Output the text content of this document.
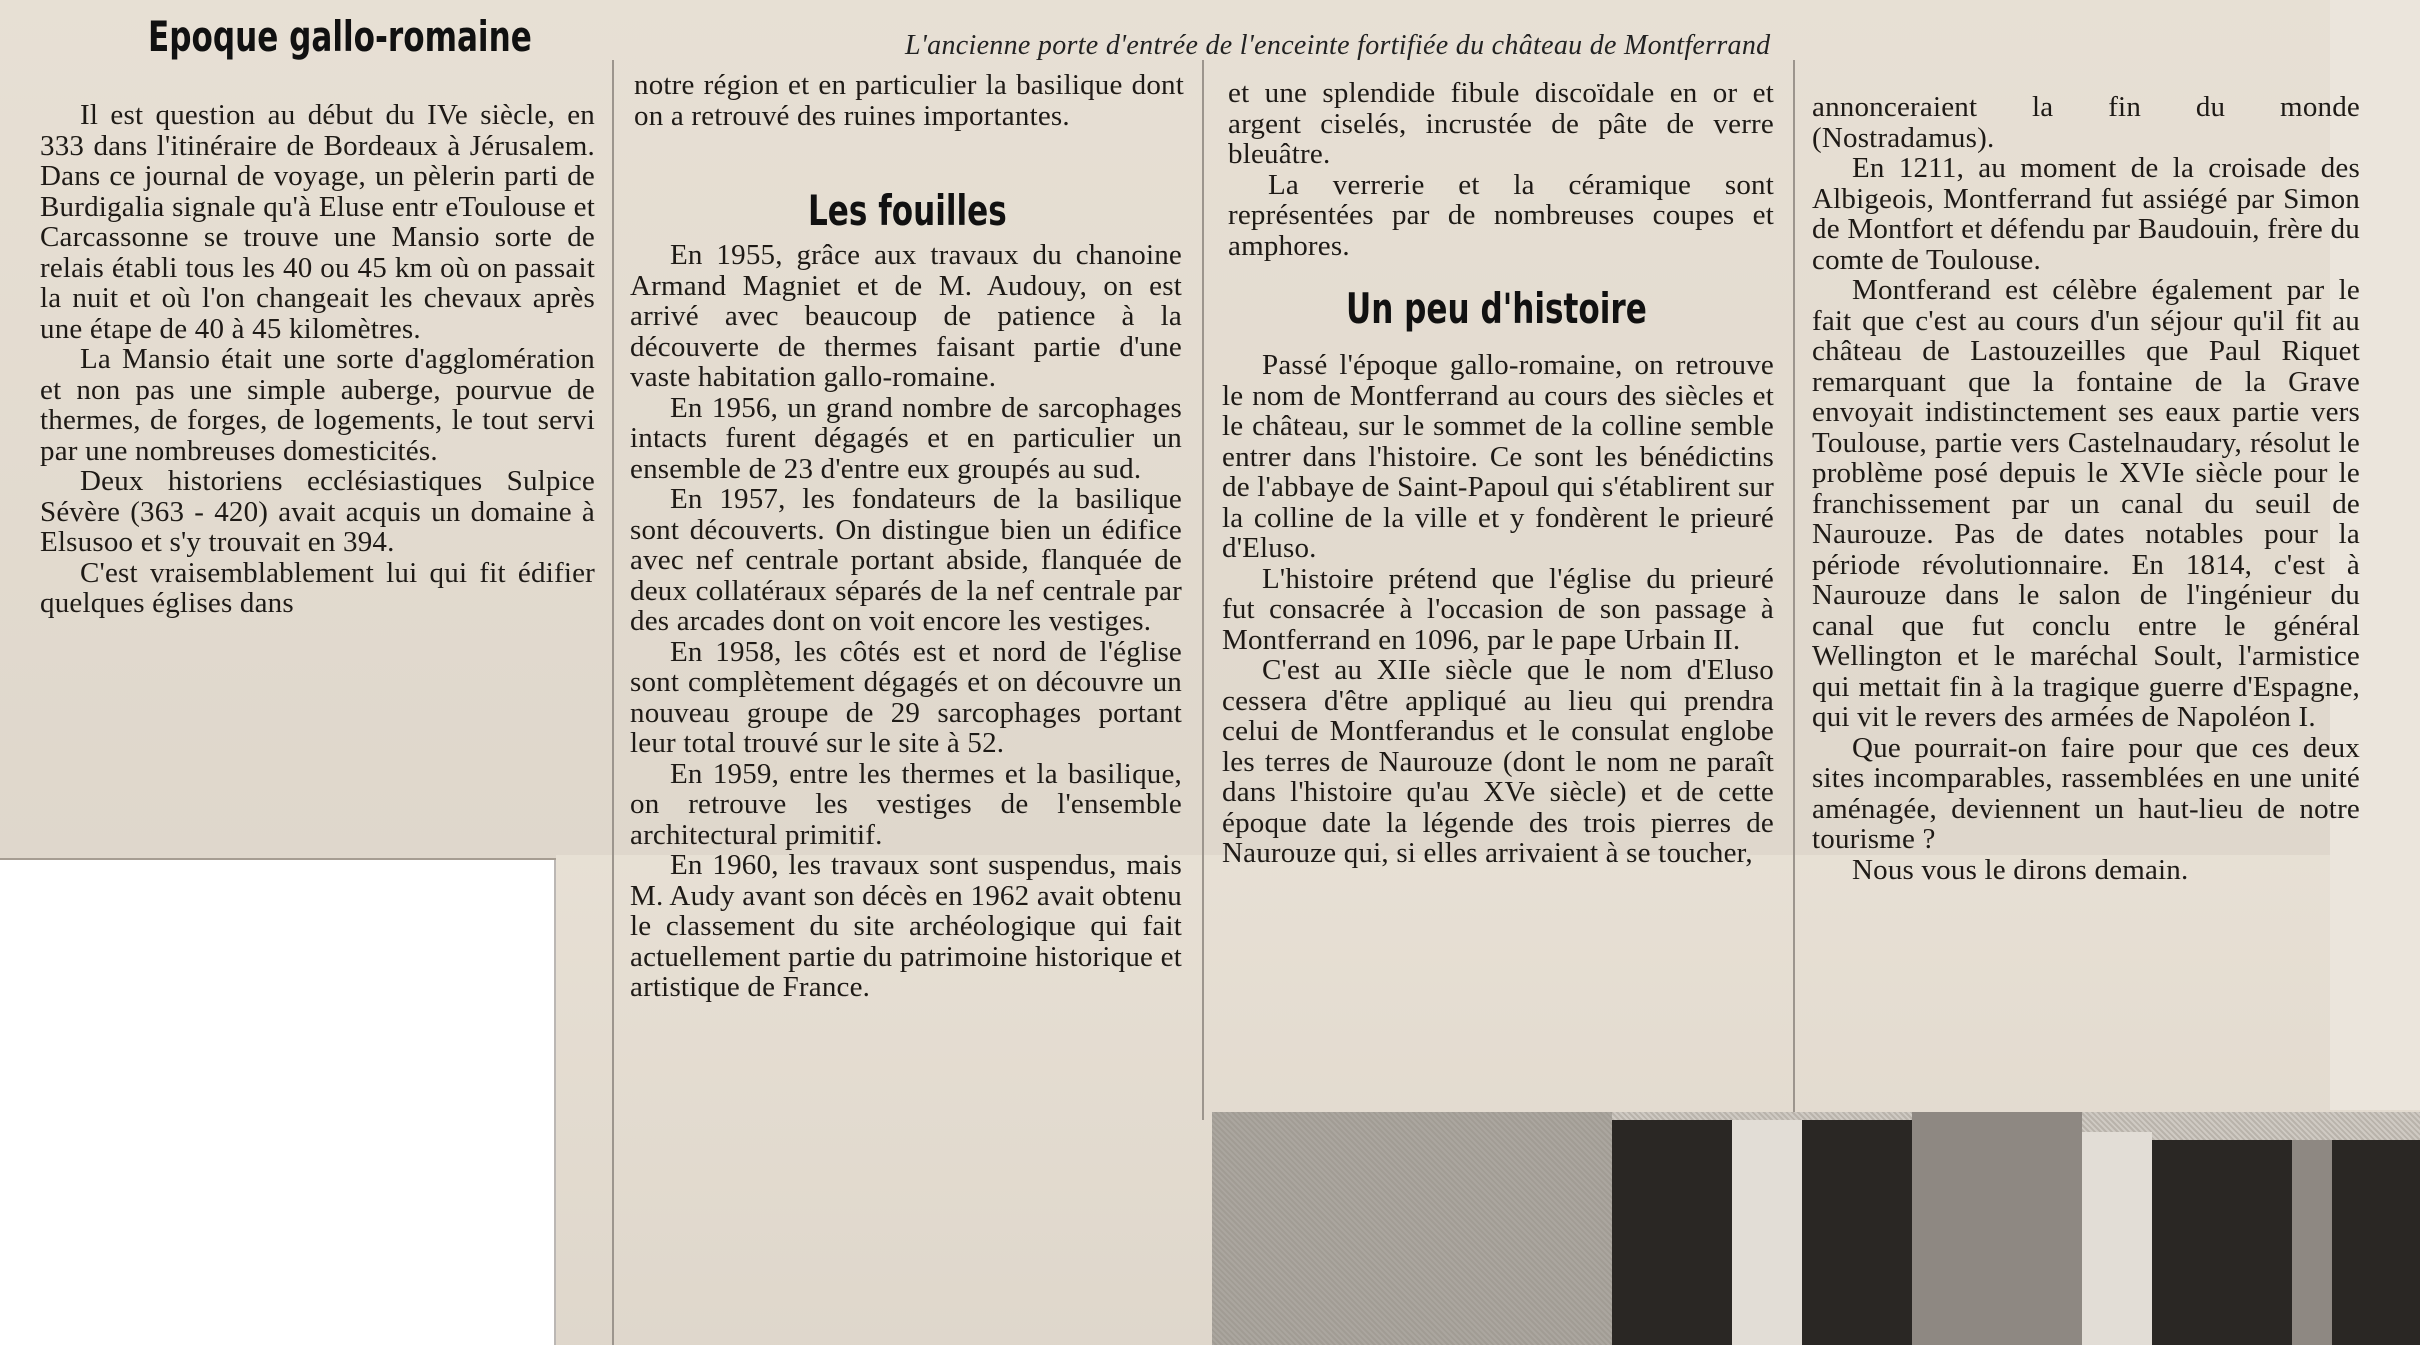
L'ancienne porte d'entrée de l'enceinte fortifiée du château de Montferrand
Epoque gallo-romaine

Il est question au début du IVe siècle, en 333 dans l'itinéraire de Bordeaux à Jérusalem. Dans ce journal de voyage, un pèlerin parti de Burdigalia signale qu'à Eluse entr eToulouse et Carcassonne se trouve une Mansio sorte de relais établi tous les 40 ou 45 km où on passait la nuit et où l'on changeait les chevaux après une étape de 40 à 45 kilomètres.

La Mansio était une sorte d'agglomération et non pas une simple auberge, pourvue de thermes, de forges, de logements, le tout servi par une nombreuses domesticités.

Deux historiens ecclésiastiques Sulpice Sévère (363 - 420) avait acquis un domaine à Elsusoo et s'y trouvait en 394.

C'est vraisemblablement lui qui fit édifier quelques églises dans

notre région et en particulier la basilique dont on a retrouvé des ruines importantes.

Les fouilles

En 1955, grâce aux travaux du chanoine Armand Magniet et de M. Audouy, on est arrivé avec beaucoup de patience à la découverte de thermes faisant partie d'une vaste habitation gallo-romaine.

En 1956, un grand nombre de sarcophages intacts furent dégagés et en particulier un ensemble de 23 d'entre eux groupés au sud.

En 1957, les fondateurs de la basilique sont découverts. On distingue bien un édifice avec nef centrale portant abside, flanquée de deux collatéraux séparés de la nef centrale par des arcades dont on voit encore les vestiges.

En 1958, les côtés est et nord de l'église sont complètement dégagés et on découvre un nouveau groupe de 29 sarcophages portant leur total trouvé sur le site à 52.

En 1959, entre les thermes et la basilique, on retrouve les vestiges de l'ensemble architectural primitif.

En 1960, les travaux sont suspendus, mais M. Audy avant son décès en 1962 avait obtenu le classement du site archéologique qui fait actuellement partie du patrimoine historique et artistique de France.

et une splendide fibule discoïdale en or et argent ciselés, incrustée de pâte de verre bleuâtre.

La verrerie et la céramique sont représentées par de nombreuses coupes et amphores.

Un peu d'histoire

Passé l'époque gallo-romaine, on retrouve le nom de Montferrand au cours des siècles et le château, sur le sommet de la colline semble entrer dans l'histoire. Ce sont les bénédictins de l'abbaye de Saint-Papoul qui s'établirent sur la colline de la ville et y fondèrent le prieuré d'Eluso.

L'histoire prétend que l'église du prieuré fut consacrée à l'occasion de son passage à Montferrand en 1096, par le pape Urbain II.

C'est au XIIe siècle que le nom d'Eluso cessera d'être appliqué au lieu qui prendra celui de Montferandus et le consulat englobe les terres de Naurouze (dont le nom ne paraît dans l'histoire qu'au XVe siècle) et de cette époque date la légende des trois pierres de Naurouze qui, si elles arrivaient à se toucher,

annonceraient la fin du monde (Nostradamus).

En 1211, au moment de la croisade des Albigeois, Montferrand fut assiégé par Simon de Montfort et défendu par Baudouin, frère du comte de Toulouse.

Montferand est célèbre également par le fait que c'est au cours d'un séjour qu'il fit au château de Lastouzeilles que Paul Riquet remarquant que la fontaine de la Grave envoyait indistinctement ses eaux partie vers Toulouse, partie vers Castelnaudary, résolut le problème posé depuis le XVIe siècle pour le franchissement par un canal du seuil de Naurouze. Pas de dates notables pour la période révolutionnaire. En 1814, c'est à Naurouze dans le salon de l'ingénieur du canal que fut conclu entre le général Wellington et le maréchal Soult, l'armistice qui mettait fin à la tragique guerre d'Espagne, qui vit le revers des armées de Napoléon I.

Que pourrait-on faire pour que ces deux sites incomparables, rassemblées en une unité aménagée, deviennent un haut-lieu de notre tourisme ?

Nous vous le dirons demain.
